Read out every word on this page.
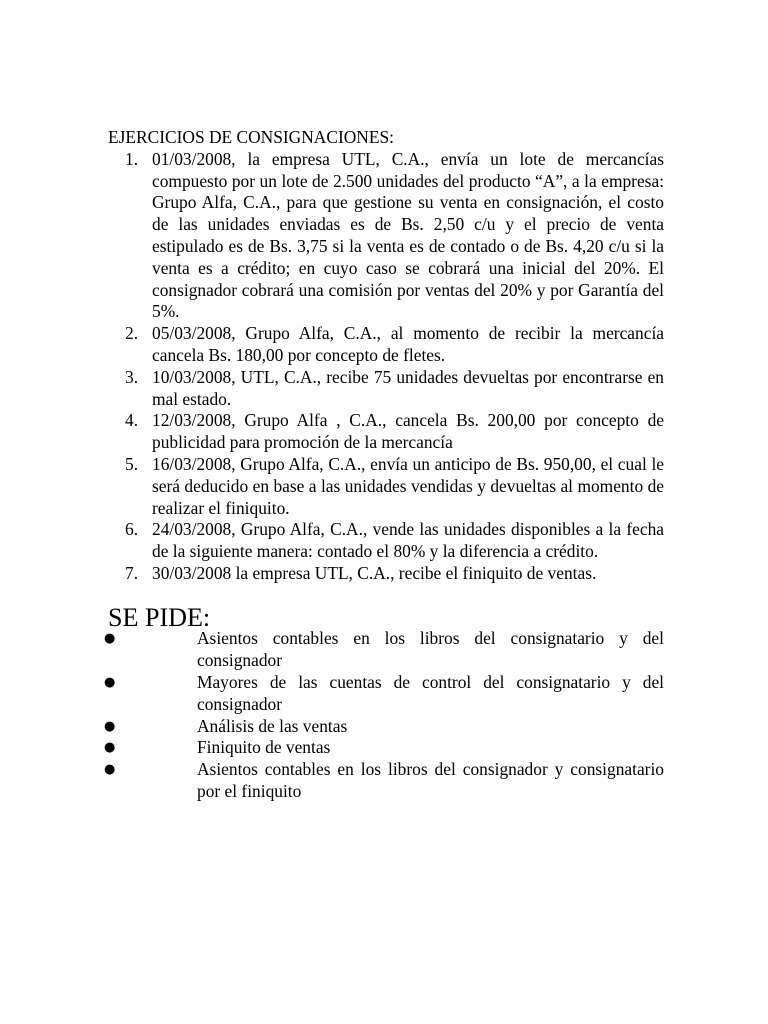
EJERCICIOS DE CONSIGNACIONES:
1. 01/03/2008, la empresa UTL, C.A., envía un lote de mercancías compuesto por un lote de 2.500 unidades del producto “A”, a la empresa: Grupo Alfa, C.A., para que gestione su venta en consignación, el costo de las unidades enviadas es de Bs. 2,50 c/u y el precio de venta estipulado es de Bs. 3,75 si la venta es de contado o de Bs. 4,20 c/u si la venta es a crédito; en cuyo caso se cobrará una inicial del 20%. El consignador cobrará una comisión por ventas del 20% y por Garantía del 5%.
2. 05/03/2008, Grupo Alfa, C.A., al momento de recibir la mercancía cancela Bs. 180,00 por concepto de fletes.
3. 10/03/2008, UTL, C.A., recibe 75 unidades devueltas por encontrarse en mal estado.
4. 12/03/2008, Grupo Alfa , C.A., cancela Bs. 200,00 por concepto de publicidad para promoción de la mercancía
5. 16/03/2008, Grupo Alfa, C.A., envía un anticipo de Bs. 950,00, el cual le será deducido en base a las unidades vendidas y devueltas al momento de realizar el finiquito.
6. 24/03/2008, Grupo Alfa, C.A., vende las unidades disponibles a la fecha de la siguiente manera: contado el 80% y la diferencia a crédito.
7. 30/03/2008 la empresa UTL, C.A., recibe el finiquito de ventas.
SE PIDE:
●	Asientos contables en los libros del consignatario y del consignador
●	Mayores de las cuentas de control del consignatario y del consignador
●	Análisis de las ventas
●	Finiquito de ventas
●	Asientos contables en los libros del consignador y consignatario por el finiquito
